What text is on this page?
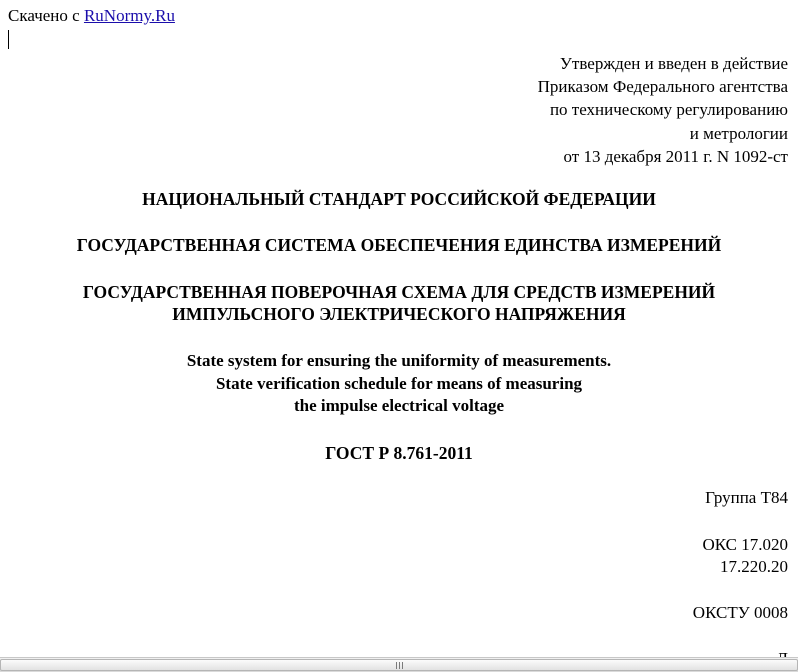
Скачено с RuNormy.Ru
Утвержден и введен в действие
Приказом Федерального агентства
по техническому регулированию
и метрологии
от 13 декабря 2011 г. N 1092-ст
НАЦИОНАЛЬНЫЙ СТАНДАРТ РОССИЙСКОЙ ФЕДЕРАЦИИ
ГОСУДАРСТВЕННАЯ СИСТЕМА ОБЕСПЕЧЕНИЯ ЕДИНСТВА ИЗМЕРЕНИЙ
ГОСУДАРСТВЕННАЯ ПОВЕРОЧНАЯ СХЕМА ДЛЯ СРЕДСТВ ИЗМЕРЕНИЙ
ИМПУЛЬСНОГО ЭЛЕКТРИЧЕСКОГО НАПРЯЖЕНИЯ
State system for ensuring the uniformity of measurements.
State verification schedule for means of measuring
the impulse electrical voltage
ГОСТ Р 8.761-2011
Группа Т84
ОКС 17.020
17.220.20
ОКСТУ 0008
